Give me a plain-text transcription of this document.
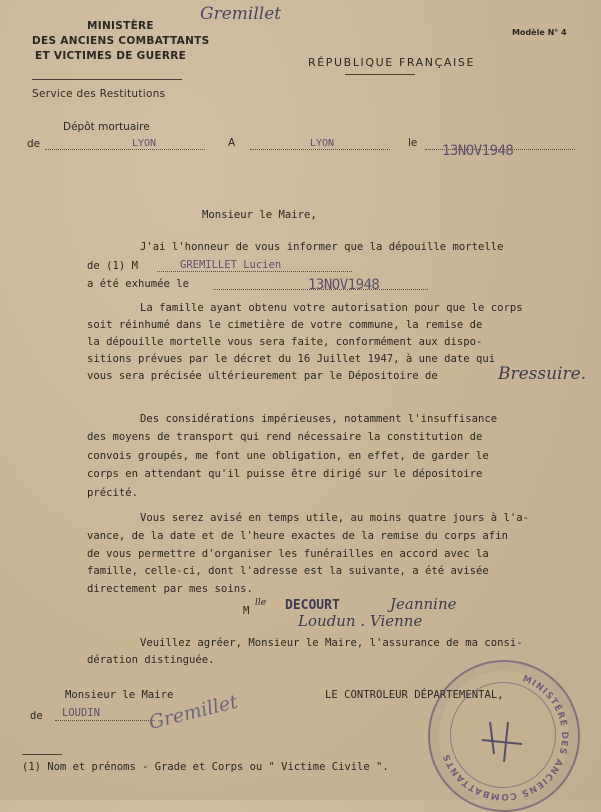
MINISTÈRE
DES ANCIENS COMBATTANTS
ET VICTIMES DE GUERRE
Gremillet
Service des Restitutions
RÉPUBLIQUE FRANÇAISE
Modèle N° 4
Dépôt mortuaire
de	LYON	A	LYON	le 13NOV1948
Monsieur le Maire,
J'ai l'honneur de vous informer que la dépouille mortelle
de (1) M	GREMILLET Lucien
a été exhumée le	13NOV1948
La famille ayant obtenu votre autorisation pour que le corps
soit réinhumé dans le cimetière de votre commune, la remise de
la dépouille mortelle vous sera faite, conformément aux dispo-
sitions prévues par le décret du 16 Juillet 1947, à une date qui
vous sera précisée ultérieurement par le Dépositoire de	Bressuire.
Des considérations impérieuses, notamment l'insuffisance
des moyens de transport qui rend nécessaire la constitution de
convois groupés, me font une obligation, en effet, de garder le
corps en attendant qu'il puisse être dirigé sur le dépositoire
précité.
Vous serez avisé en temps utile, au moins quatre jours à l'a-
vance, de la date et de l'heure exactes de la remise du corps afin
de vous permettre d'organiser les funérailles en accord avec la
famille, celle-ci, dont l'adresse est la suivante, a été avisée
directement par mes soins.
M
lle DECOURT	Jeannine
Loudun . Vienne
Veuillez agréer, Monsieur le Maire, l'assurance de ma consi-
dération distinguée.
Monsieur le Maire
de LOUDIN Gremillet	LE CONTROLEUR DÉPARTEMENTAL,
MINISTÈRE DES ANCIENS COMBATTANTS
(1) Nom et prénoms - Grade et Corps ou " Victime Civile ".
